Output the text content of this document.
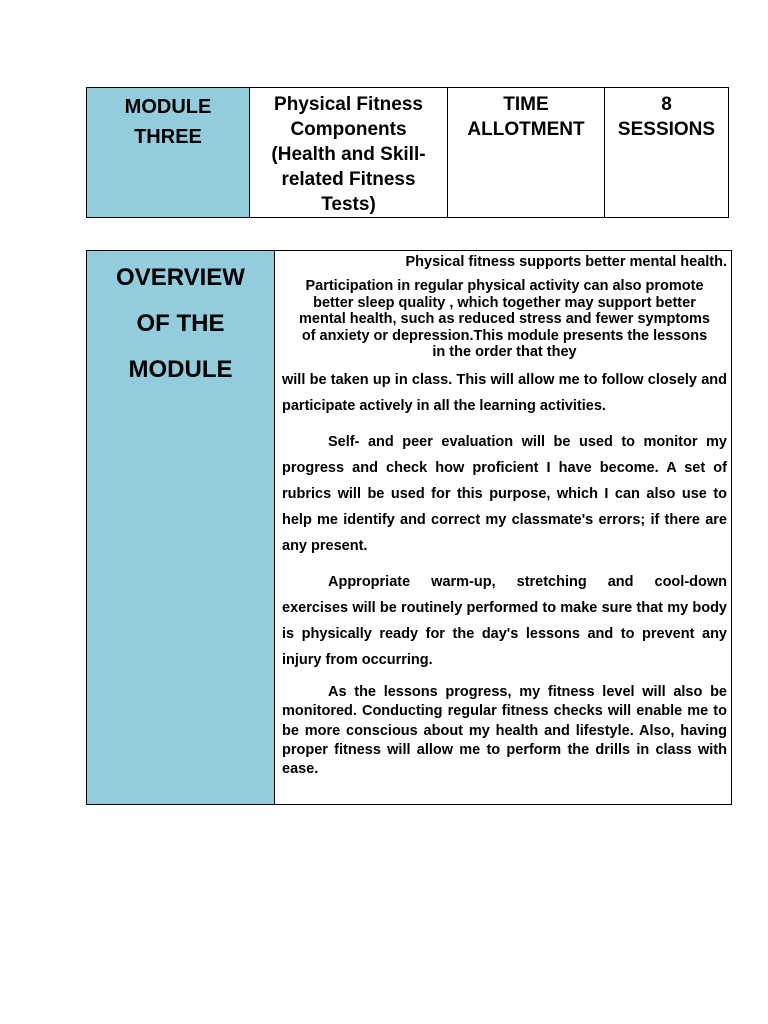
MODULE
THREE

Physical Fitness
Components
(Health and Skill-
related Fitness
Tests)

TIME
ALLOTMENT

8
SESSIONS
OVERVIEW
OF THE
MODULE

Physical fitness supports better mental health.

Participation in regular physical activity can also promote
better sleep quality , which together may support better
mental health, such as reduced stress and fewer symptoms
of anxiety or depression.This module presents the lessons
in the order that they

will be taken up in class. This will allow me to follow closely and participate actively in all the learning activities.

Self- and peer evaluation will be used to monitor my progress and check how proficient I have become. A set of rubrics will be used for this purpose, which I can also use to help me identify and correct my classmate's errors; if there are any present.

Appropriate warm-up, stretching and cool-down exercises will be routinely performed to make sure that my body is physically ready for the day's lessons and to prevent any injury from occurring.

As the lessons progress, my fitness level will also be monitored. Conducting regular fitness checks will enable me to be more conscious about my health and lifestyle. Also, having proper fitness will allow me to perform the drills in class with ease.
